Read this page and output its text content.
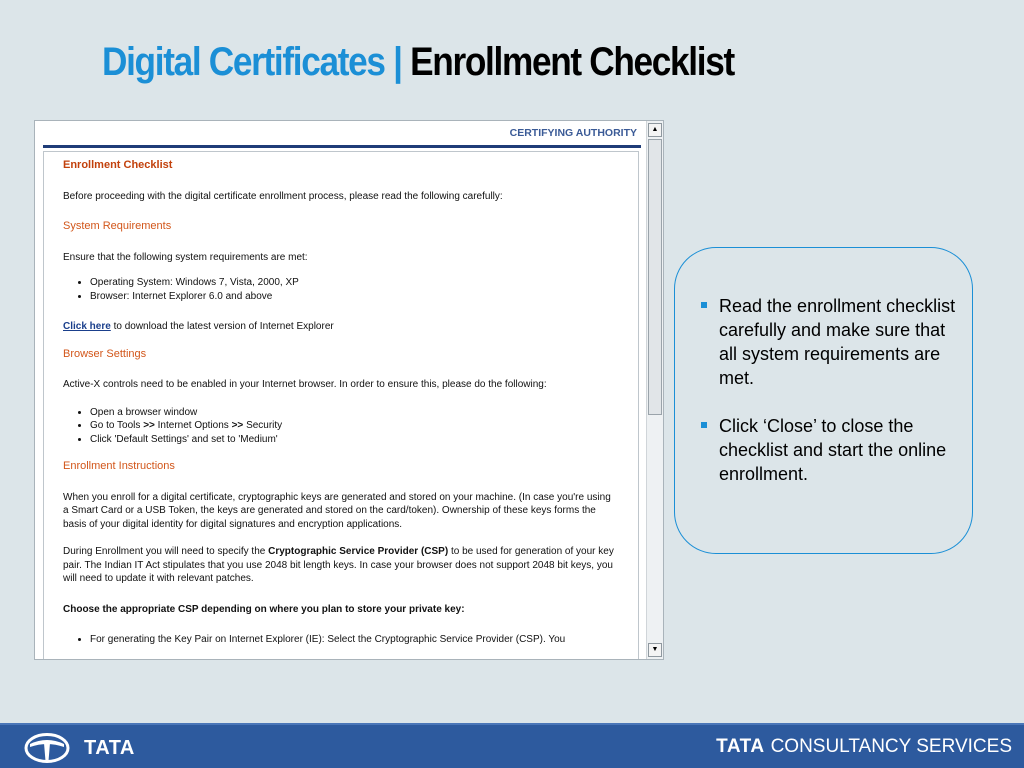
Digital Certificates | Enrollment Checklist
CERTIFYING AUTHORITY

Enrollment Checklist

Before proceeding with the digital certificate enrollment process, please read the following carefully:

System Requirements

Ensure that the following system requirements are met:

• Operating System: Windows 7, Vista, 2000, XP
• Browser: Internet Explorer 6.0 and above

Click here to download the latest version of Internet Explorer

Browser Settings

Active-X controls need to be enabled in your Internet browser. In order to ensure this, please do the following:

• Open a browser window
• Go to Tools >> Internet Options >> Security
• Click 'Default Settings' and set to 'Medium'

Enrollment Instructions

When you enroll for a digital certificate, cryptographic keys are generated and stored on your machine. (In case you're using a Smart Card or a USB Token, the keys are generated and stored on the card/token). Ownership of these keys forms the basis of your digital identity for digital signatures and encryption applications.

During Enrollment you will need to specify the Cryptographic Service Provider (CSP) to be used for generation of your key pair. The Indian IT Act stipulates that you use 2048 bit length keys. In case your browser does not support 2048 bit keys, you will need to update it with relevant patches.

Choose the appropriate CSP depending on where you plan to store your private key:

• For generating the Key Pair on Internet Explorer (IE): Select the Cryptographic Service Provider (CSP). You
▲
▼
Read the enrollment checklist carefully and make sure that all system requirements are met.
Click ‘Close’ to close the checklist and start the online enrollment.
TATA	TATA CONSULTANCY SERVICES
